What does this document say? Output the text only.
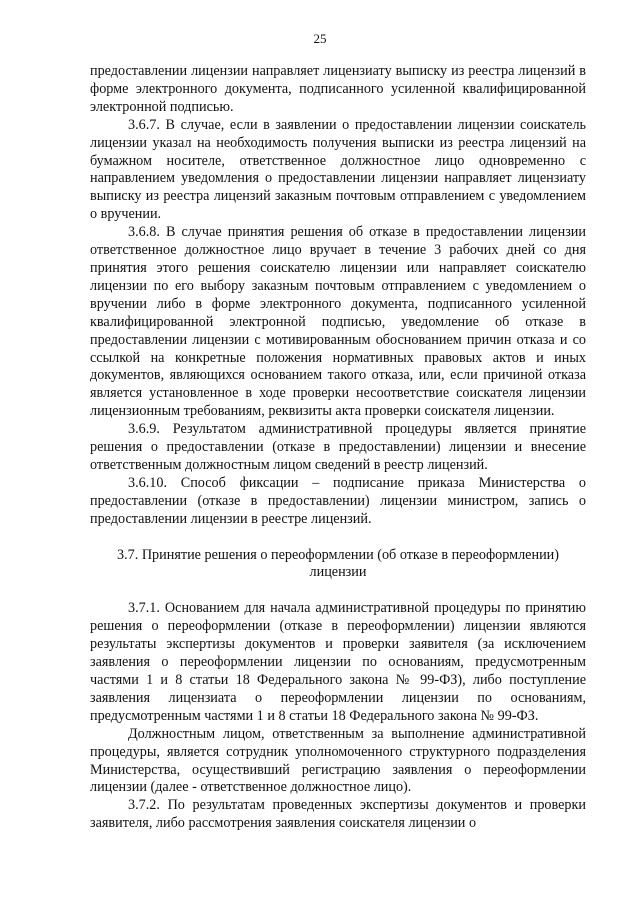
25

предоставлении лицензии направляет лицензиату выписку из реестра лицензий в форме электронного документа, подписанного усиленной квалифицированной электронной подписью.

3.6.7. В случае, если в заявлении о предоставлении лицензии соискатель лицензии указал на необходимость получения выписки из реестра лицензий на бумажном носителе, ответственное должностное лицо одновременно с направлением уведомления о предоставлении лицензии направляет лицензиату выписку из реестра лицензий заказным почтовым отправлением с уведомлением о вручении.

3.6.8. В случае принятия решения об отказе в предоставлении лицензии ответственное должностное лицо вручает в течение 3 рабочих дней со дня принятия этого решения соискателю лицензии или направляет соискателю лицензии по его выбору заказным почтовым отправлением с уведомлением о вручении либо в форме электронного документа, подписанного усиленной квалифицированной электронной подписью, уведомление об отказе в предоставлении лицензии с мотивированным обоснованием причин отказа и со ссылкой на конкретные положения нормативных правовых актов и иных документов, являющихся основанием такого отказа, или, если причиной отказа является установленное в ходе проверки несоответствие соискателя лицензии лицензионным требованиям, реквизиты акта проверки соискателя лицензии.

3.6.9. Результатом административной процедуры является принятие решения о предоставлении (отказе в предоставлении) лицензии и внесение ответственным должностным лицом сведений в реестр лицензий.

3.6.10. Способ фиксации – подписание приказа Министерства о предоставлении (отказе в предоставлении) лицензии министром, запись о предоставлении лицензии в реестре лицензий.

3.7. Принятие решения о переоформлении (об отказе в переоформлении) лицензии

3.7.1. Основанием для начала административной процедуры по принятию решения о переоформлении (отказе в переоформлении) лицензии являются результаты экспертизы документов и проверки заявителя (за исключением заявления о переоформлении лицензии по основаниям, предусмотренным частями 1 и 8 статьи 18 Федерального закона № 99-ФЗ), либо поступление заявления лицензиата о переоформлении лицензии по основаниям, предусмотренным частями 1 и 8 статьи 18 Федерального закона № 99-ФЗ.

Должностным лицом, ответственным за выполнение административной процедуры, является сотрудник уполномоченного структурного подразделения Министерства, осуществивший регистрацию заявления о переоформлении лицензии (далее - ответственное должностное лицо).

3.7.2. По результатам проведенных экспертизы документов и проверки заявителя, либо рассмотрения заявления соискателя лицензии о
